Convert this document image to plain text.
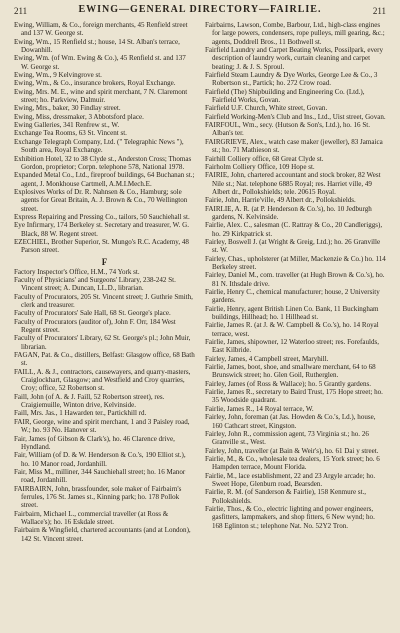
211	EWING—GENERAL DIRECTORY—FAIRLIE.	211

Ewing, William, & Co., foreign merchants, 45 Renfield street and 137 W. George st.

Ewing, Wm., 15 Renfield st.; house, 14 St. Alban's terrace, Dowanhill.

Ewing, Wm. (of Wm. Ewing & Co.), 45 Renfield st. and 137 W. George st.

Ewing, Wm., 9 Kelvingrove st.

Ewing, Wm., & Co., insurance brokers, Royal Exchange.

Ewing, Mrs. M. E., wine and spirit merchant, 7 N. Claremont street; ho. Parkview, Dalmuir.

Ewing, Mrs., baker, 30 Findlay street.

Ewing, Miss, dressmaker, 3 Abbotsford place.

Ewing Galleries, 341 Renfrew st., W.

Exchange Tea Rooms, 63 St. Vincent st.

Exchange Telegraph Company, Ltd. (" Telegraphic News "), South area, Royal Exchange.

Exhibition Hotel, 32 to 38 Clyde st., Anderston Cross; Thomas Gordon, proprietor; Corpn. telephone 578, National 1978.

Expanded Metal Co., Ltd., fireproof buildings, 64 Buchanan st.; agent, J. Monkhouse Cartmell, A.M.I.Mech.E.

Explosives Works of Dr. R. Nahnsen & Co., Hamburg; sole agents for Great Britain, A. J. Brown & Co., 70 Wellington street.

Express Repairing and Pressing Co., tailors, 50 Sauchiehall st.

Eye Infirmary, 174 Berkeley st. Secretary and treasurer, W. G. Black, 88 W. Regent street.

EZECHIEL, Brother Superior, St. Mungo's R.C. Academy, 48 Parson street.

F

Factory Inspector's Office, H.M., 74 York st.

Faculty of Physicians' and Surgeons' Library, 238-242 St. Vincent street; A. Duncan, LL.D., librarian.

Faculty of Procurators, 205 St. Vincent street; J. Guthrie Smith, clerk and treasurer.

Faculty of Procurators' Sale Hall, 68 St. George's place.

Faculty of Procurators (auditor of), John F. Orr, 184 West Regent street.

Faculty of Procurators' Library, 62 St. George's pl.; John Muir, librarian.

FAGAN, Pat. & Co., distillers, Belfast: Glasgow office, 68 Bath st.

FAILL, A. & J., contractors, causewayers, and quarry-masters, Craiglockhart, Glasgow; and Westfield and Croy quarries, Croy; office, 52 Robertson st.

Faill, John (of A. & J. Faill, 52 Robertson street), res. Craigiemuille, Winton drive, Kelvinside.

Faill, Mrs. Jas., 1 Hawarden ter., Partickhill rd.

FAIR, George, wine and spirit merchant, 1 and 3 Paisley road, W.; ho. 93 No. Hanover st.

Fair, James (of Gibson & Clark's), ho. 46 Clarence drive, Hyndland.

Fair, William (of D. & W. Henderson & Co.'s, 190 Elliot st.), ho. 10 Manor road, Jordanhill.

Fair, Miss M., milliner, 344 Sauchiehall street; ho. 16 Manor road, Jordanhill.

FAIRBAIRN, John, brassfounder, sole maker of Fairbairn's ferrules, 176 St. James st., Kinning park; ho. 178 Pollok street.

Fairbairn, Michael L., commercial traveller (at Ross & Wallace's); ho. 16 Eskdale street.

Fairbairn & Wingfield, chartered accountants (and at London), 142 St. Vincent street.

Fairbairns, Lawson, Combe, Barbour, Ltd., high-class engines for large powers, condensers, rope pulleys, mill gearing, &c.; agents, Doddrell Bros., 11 Bothwell st.

Fairfield Laundry and Carpet Beating Works, Possilpark, every description of laundry work, curtain cleaning and carpet beating; J. & J. S. Sproul.

Fairfield Steam Laundry & Dye Works, George Lee & Co., 3 Robertson st., Partick; ho. 272 Crow road.

Fairfield (The) Shipbuilding and Engineering Co. (Ltd.), Fairfield Works, Govan.

Fairfield U.F. Church, White street, Govan.

Fairfield Working-Men's Club and Ins., Ltd., Uist street, Govan.

FAIRFOUL, Wm., secy. (Hutson & Son's, Ltd.), ho. 16 St. Alban's ter.

FAIRGRIEVE, Alex., watch case maker (jeweller), 83 Jamaica st.; ho. 71 Mathieson st.

Fairhill Colliery office, 68 Great Clyde st.

Fairholm Colliery Office, 109 Hope st.

FAIRIE, John, chartered accountant and stock broker, 82 West Nile st.; Nat. telephone 6885 Royal; res. Harriet ville, 49 Albert dr., Pollokshields; tele. 20615 Royal.

Fairie, John, Harrie'ville, 49 Albert dr., Pollokshields.

FAIRLIE, A. R. (at P. Henderson & Co.'s), ho. 10 Jedburgh gardens, N. Kelvinside.

Fairlie, Alex. C., salesman (C. Rattray & Co., 20 Candleriggs), ho. 29 Kirkpatrick st.

Fairley, Boswell J. (at Wright & Greig, Ltd.); ho. 26 Granville st. W.

Fairley, Chas., upholsterer (at Miller, Mackenzie & Co.) ho. 114 Berkeley street.

Fairley, Daniel M., com. traveller (at Hugh Brown & Co.'s), ho. 81 N. Ithsdale drive.

Fairlie, Henry C., chemical manufacturer; house, 2 University gardens.

Fairlie, Henry, agent British Linen Co. Bank, 11 Buckingham buildings, Hillhead; ho. 1 Hillhead st.

Fairlie, James R. (at J. & W. Campbell & Co.'s), ho. 14 Royal terrace, west.

Fairlie, James, shipowner, 12 Waterloo street; res. Forefaulds, East Kilbride.

Fairley, James, 4 Campbell street, Maryhill.

Fairlie, James, boot, shoe, and smallware merchant, 64 to 68 Brunswick street; ho. Glen Goil, Rutherglen.

Fairley, James (of Ross & Wallace); ho. 5 Grantly gardens.

Fairlie, James R., secretary to Baird Trust, 175 Hope street; ho. 35 Woodside quadrant.

Fairlie, James R., 14 Royal terrace, W.

Fairley, John, foreman (at Jas. Howden & Co.'s, Ld.), house, 160 Cathcart street, Kingston.

Fairley, John R., commission agent, 73 Virginia st.; ho. 26 Granville st., West.

Fairley, John, traveller (at Bain & Weir's), ho. 61 Dai y street.

Fairlie, M., & Co., wholesale tea dealers, 15 York street; ho. 6 Hampden terrace, Mount Florida.

Fairlie, M., lace establishment, 22 and 23 Argyle arcade; ho. Sweet Hope, Glenburn road, Bearsden.

Fairlie, R. M. (of Sanderson & Fairlie), 158 Kenmure st., Pollokshields.

Fairlie, Thos., & Co., electric lighting and power engineers, gasfitters, lampmakers, and shop fitters, 6 New wynd; ho. 168 Eglinton st.; telephone Nat. No. 52Y2 Tron.
